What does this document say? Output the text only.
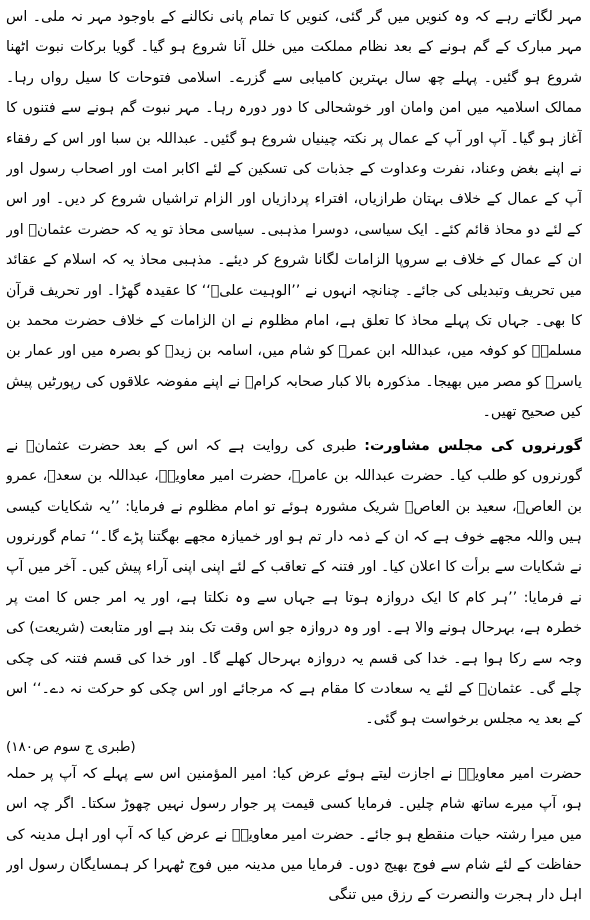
مہر لگاتے رہے کہ وہ کنویں میں گر گئی، کنویں کا تمام پانی نکالنے کے باوجود مہر نہ ملی۔ اس مہر مبارک کے گم ہونے کے بعد نظام مملکت میں خلل آنا شروع ہو گیا۔ گویا برکات نبوت اٹھنا شروع ہو گئیں۔ پہلے چھ سال بہترین کامیابی سے گزرے۔ اسلامی فتوحات کا سیل رواں رہا۔ ممالک اسلامیہ میں امن وامان اور خوشحالی کا دور دورہ رہا۔ مہر نبوت گم ہونے سے فتنوں کا آغاز ہو گیا۔ آپ اور آپ کے عمال پر نکتہ چینیاں شروع ہو گئیں۔ عبداللہ بن سبا اور اس کے رفقاء نے اپنے بغض وعناد، نفرت وعداوت کے جذبات کی تسکین کے لئے اکابر امت اور اصحاب رسول اور آپ کے عمال کے خلاف بہتان طرازیاں، افتراء پردازیاں اور الزام تراشیاں شروع کر دیں۔ اور اس کے لئے دو محاذ قائم کئے۔ ایک سیاسی، دوسرا مذہبی۔ سیاسی محاذ تو یہ کہ حضرت عثمانؓ اور ان کے عمال کے خلاف بے سروپا الزامات لگانا شروع کر دیئے۔ مذہبی محاذ یہ کہ اسلام کے عقائد میں تحریف وتبدیلی کی جائے۔ چنانچہ انہوں نے ’’الوہیت علیؓ‘‘ کا عقیدہ گھڑا۔ اور تحریف قرآن کا بھی۔ جہاں تک پہلے محاذ کا تعلق ہے، امام مظلوم نے ان الزامات کے خلاف حضرت محمد بن مسلمہؓ کو کوفہ میں، عبداللہ ابن عمرؓ کو شام میں، اسامہ بن زیدؓ کو بصرہ میں اور عمار بن یاسرؓ کو مصر میں بھیجا۔ مذکورہ بالا کبار صحابہ کرامؓ نے اپنے مفوضہ علاقوں کی رپورٹیں پیش کیں صحیح تھیں۔

گورنروں کی مجلس مشاورت: طبری کی روایت ہے کہ اس کے بعد حضرت عثمانؓ نے گورنروں کو طلب کیا۔ حضرت عبداللہ بن عامرؓ، حضرت امیر معاویہؓ، عبداللہ بن سعدؓ، عمرو بن العاصؓ، سعید بن العاصؓ شریک مشورہ ہوئے تو امام مظلوم نے فرمایا: ’’یہ شکایات کیسی ہیں واللہ مجھے خوف ہے کہ ان کے ذمہ دار تم ہو اور خمیازہ مجھے بھگتنا پڑے گا۔‘‘ تمام گورنروں نے شکایات سے برأت کا اعلان کیا۔ اور فتنہ کے تعاقب کے لئے اپنی اپنی آراء پیش کیں۔ آخر میں آپ نے فرمایا: ’’ہر کام کا ایک دروازہ ہوتا ہے جہاں سے وہ نکلتا ہے، اور یہ امر جس کا امت پر خطرہ ہے، بہرحال ہونے والا ہے۔ اور وہ دروازہ جو اس وقت تک بند ہے اور متابعت (شریعت) کی وجہ سے رکا ہوا ہے۔ خدا کی قسم یہ دروازہ بہرحال کھلے گا۔ اور خدا کی قسم فتنہ کی چکی چلے گی۔ عثمانؓ کے لئے یہ سعادت کا مقام ہے کہ مرجائے اور اس چکی کو حرکت نہ دے۔‘‘ اس کے بعد یہ مجلس برخواست ہو گئی۔

(طبری ج سوم ص۱۸۰)

حضرت امیر معاویہؓ نے اجازت لیتے ہوئے عرض کیا: امیر المؤمنین اس سے پہلے کہ آپ پر حملہ ہو، آپ میرے ساتھ شام چلیں۔ فرمایا کسی قیمت پر جوار رسول نہیں چھوڑ سکتا۔ اگر چہ اس میں میرا رشتہ حیات منقطع ہو جائے۔ حضرت امیر معاویہؓ نے عرض کیا کہ آپ اور اہل مدینہ کی حفاظت کے لئے شام سے فوج بھیج دوں۔ فرمایا میں مدینہ میں فوج ٹھہرا کر ہمسایگان رسول اور اہل دار ہجرت والنصرت کے رزق میں تنگی
